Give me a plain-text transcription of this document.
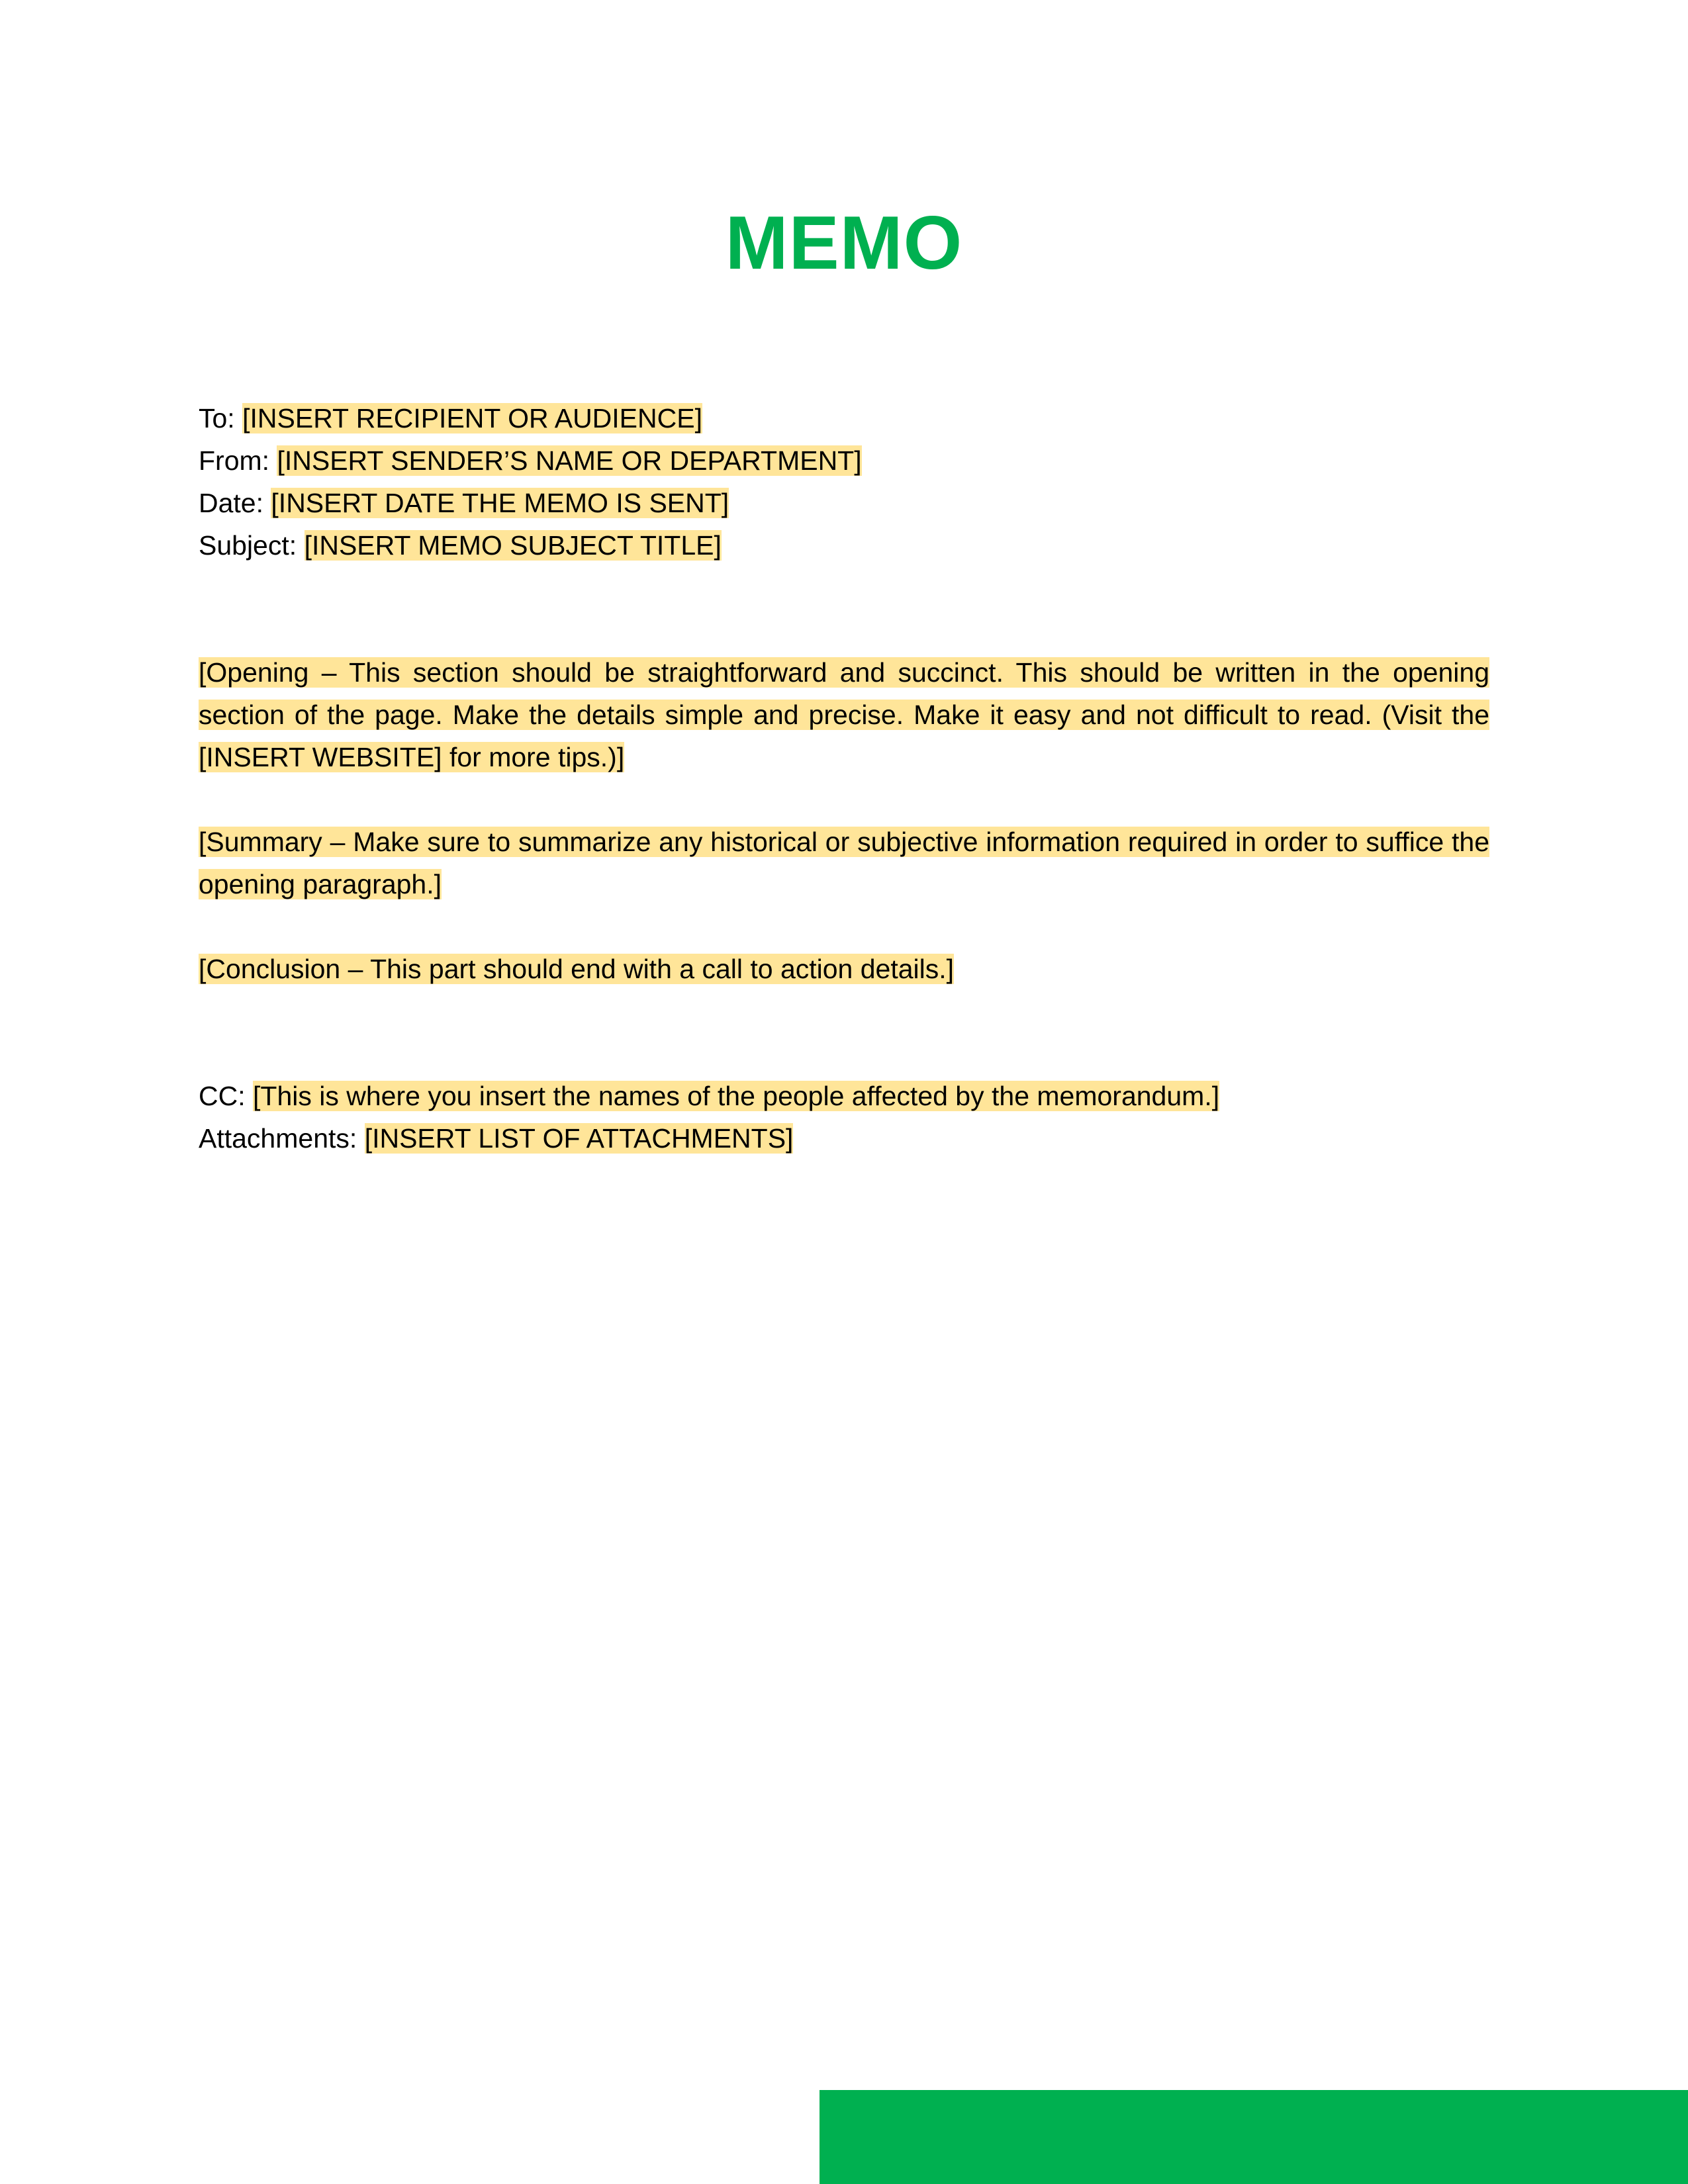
MEMO

To: [INSERT RECIPIENT OR AUDIENCE]

From: [INSERT SENDER’S NAME OR DEPARTMENT]

Date: [INSERT DATE THE MEMO IS SENT]

Subject: [INSERT MEMO SUBJECT TITLE]

[Opening – This section should be straightforward and succinct. This should be written in the opening section of the page. Make the details simple and precise. Make it easy and not difficult to read. (Visit the [INSERT WEBSITE] for more tips.)]

[Summary – Make sure to summarize any historical or subjective information required in order to suffice the opening paragraph.]

[Conclusion – This part should end with a call to action details.]

CC: [This is where you insert the names of the people affected by the memorandum.]

Attachments: [INSERT LIST OF ATTACHMENTS]
